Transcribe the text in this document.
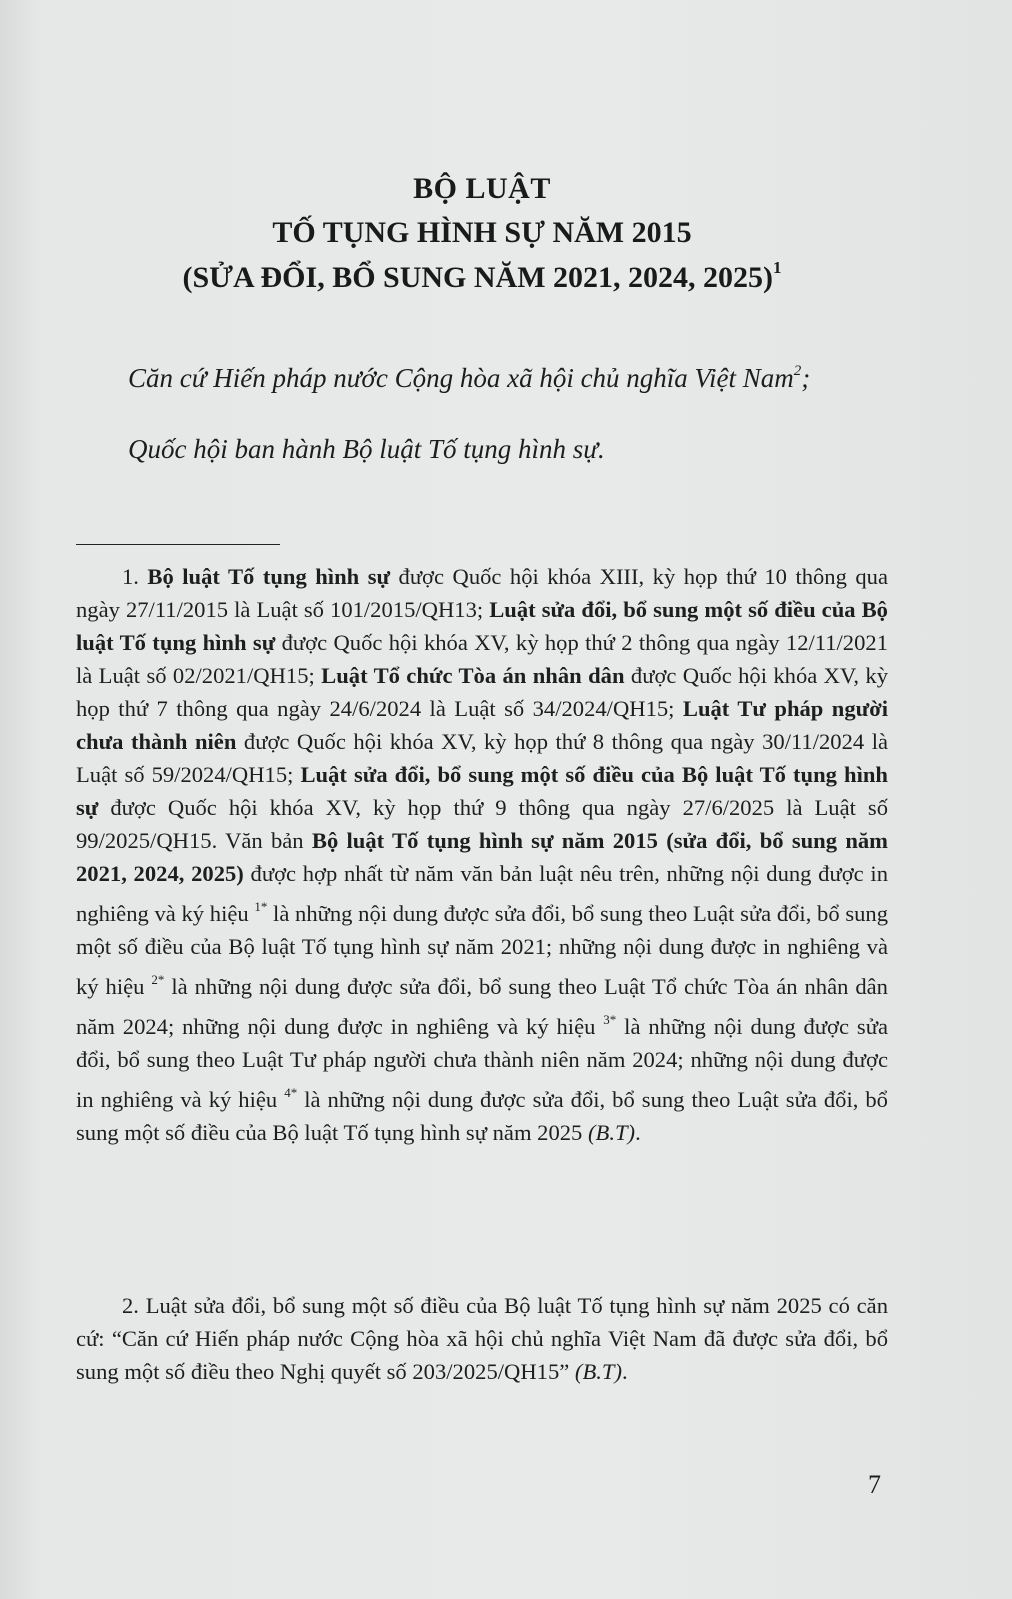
BỘ LUẬT
TỐ TỤNG HÌNH SỰ NĂM 2015
(SỬA ĐỔI, BỔ SUNG NĂM 2021, 2024, 2025)$^1$
Căn cứ Hiến pháp nước Cộng hòa xã hội chủ nghĩa Việt Nam$^2$;
Quốc hội ban hành Bộ luật Tố tụng hình sự.
1. Bộ luật Tố tụng hình sự được Quốc hội khóa XIII, kỳ họp thứ 10 thông qua ngày 27/11/2015 là Luật số 101/2015/QH13; Luật sửa đổi, bổ sung một số điều của Bộ luật Tố tụng hình sự được Quốc hội khóa XV, kỳ họp thứ 2 thông qua ngày 12/11/2021 là Luật số 02/2021/QH15; Luật Tổ chức Tòa án nhân dân được Quốc hội khóa XV, kỳ họp thứ 7 thông qua ngày 24/6/2024 là Luật số 34/2024/QH15; Luật Tư pháp người chưa thành niên được Quốc hội khóa XV, kỳ họp thứ 8 thông qua ngày 30/11/2024 là Luật số 59/2024/QH15; Luật sửa đổi, bổ sung một số điều của Bộ luật Tố tụng hình sự được Quốc hội khóa XV, kỳ họp thứ 9 thông qua ngày 27/6/2025 là Luật số 99/2025/QH15. Văn bản Bộ luật Tố tụng hình sự năm 2015 (sửa đổi, bổ sung năm 2021, 2024, 2025) được hợp nhất từ năm văn bản luật nêu trên, những nội dung được in nghiêng và ký hiệu $^{1*}$ là những nội dung được sửa đổi, bổ sung theo Luật sửa đổi, bổ sung một số điều của Bộ luật Tố tụng hình sự năm 2021; những nội dung được in nghiêng và ký hiệu $^{2*}$ là những nội dung được sửa đổi, bổ sung theo Luật Tổ chức Tòa án nhân dân năm 2024; những nội dung được in nghiêng và ký hiệu $^{3*}$ là những nội dung được sửa đổi, bổ sung theo Luật Tư pháp người chưa thành niên năm 2024; những nội dung được in nghiêng và ký hiệu $^{4*}$ là những nội dung được sửa đổi, bổ sung theo Luật sửa đổi, bổ sung một số điều của Bộ luật Tố tụng hình sự năm 2025 (B.T).
2. Luật sửa đổi, bổ sung một số điều của Bộ luật Tố tụng hình sự năm 2025 có căn cứ: “Căn cứ Hiến pháp nước Cộng hòa xã hội chủ nghĩa Việt Nam đã được sửa đổi, bổ sung một số điều theo Nghị quyết số 203/2025/QH15” (B.T).
7
